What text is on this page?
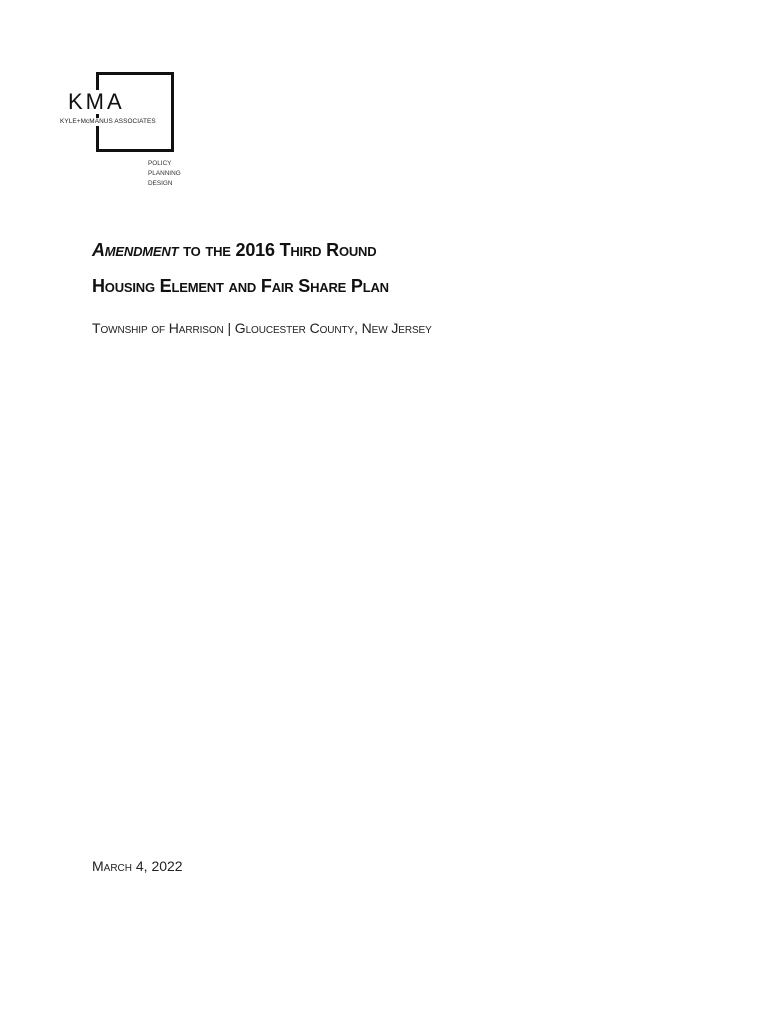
KMA
KYLE+McMANUS ASSOCIATES
POLICY
PLANNING
DESIGN
Amendment to the 2016 Third Round
Housing Element and Fair Share Plan
Township of Harrison | Gloucester County, New Jersey
March 4, 2022
